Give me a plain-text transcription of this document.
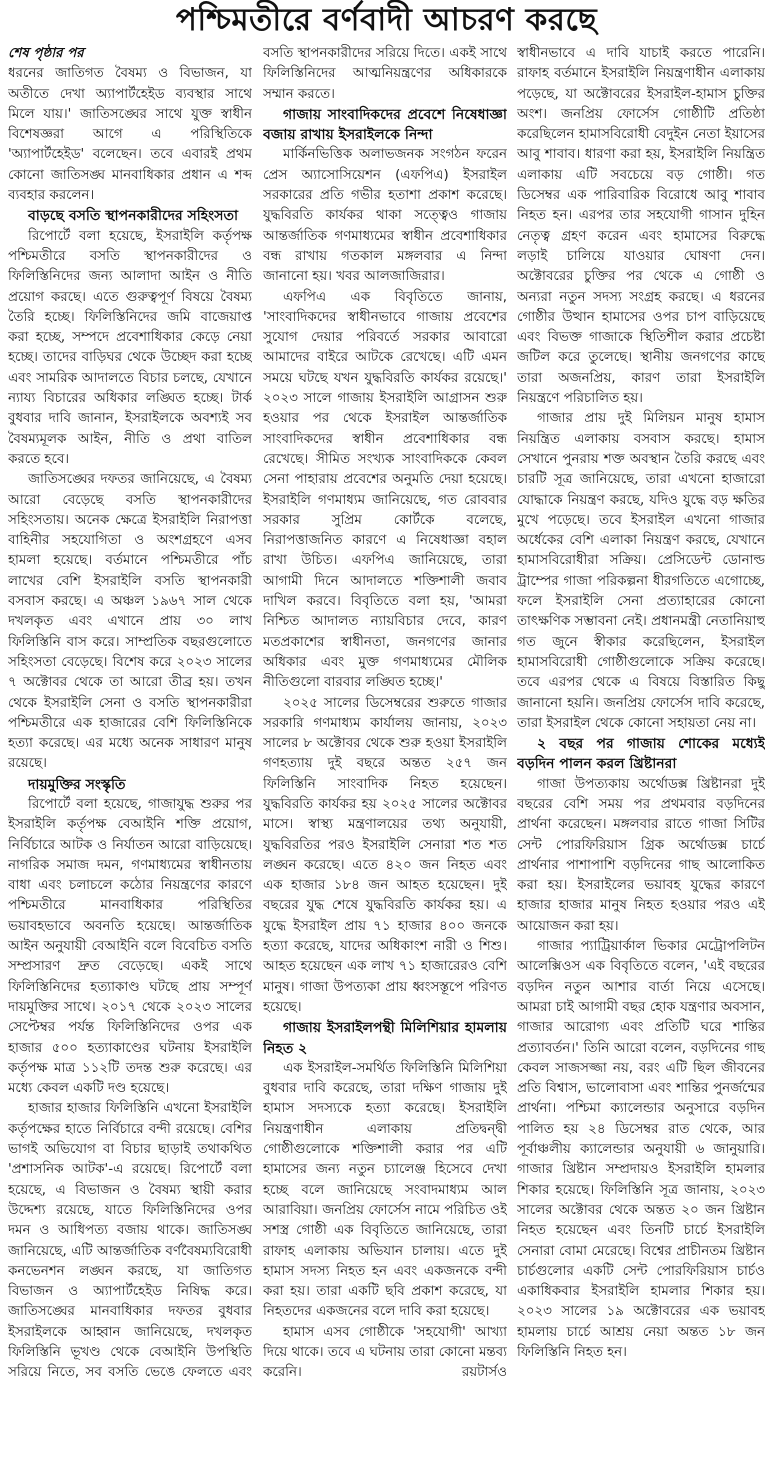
পশ্চিমতীরে বর্ণবাদী আচরণ করছে
শেষ পৃষ্ঠার পর

ধরনের জাতিগত বৈষম্য ও বিভাজন, যা অতীতে দেখা অ্যাপার্টহেইড ব্যবস্থার সাথে মিলে যায়।' জাতিসঙ্ঘের সাথে যুক্ত স্বাধীন বিশেষজ্ঞরা আগে এ পরিস্থিতিকে 'অ্যাপার্টহেইড' বলেছেন। তবে এবারই প্রথম কোনো জাতিসঙ্ঘ মানবাধিকার প্রধান এ শব্দ ব্যবহার করলেন।

বাড়ছে বসতি স্থাপনকারীদের সহিংসতা

রিপোর্টে বলা হয়েছে, ইসরাইলি কর্তৃপক্ষ পশ্চিমতীরে বসতি স্থাপনকারীদের ও ফিলিস্তিনিদের জন্য আলাদা আইন ও নীতি প্রয়োগ করছে। এতে গুরুত্বপূর্ণ বিষয়ে বৈষম্য তৈরি হচ্ছে। ফিলিস্তিনিদের জমি বাজেয়াপ্ত করা হচ্ছে, সম্পদে প্রবেশাধিকার কেড়ে নেয়া হচ্ছে। তাদের বাড়িঘর থেকে উচ্ছেদ করা হচ্ছে এবং সামরিক আদালতে বিচার চলছে, যেখানে ন্যায্য বিচারের অধিকার লঙ্ঘিত হচ্ছে। টার্ক বুধবার দাবি জানান, ইসরাইলকে অবশ্যই সব বৈষম্যমূলক আইন, নীতি ও প্রথা বাতিল করতে হবে।

জাতিসঙ্ঘের দফতর জানিয়েছে, এ বৈষম্য আরো বেড়েছে বসতি স্থাপনকারীদের সহিংসতায়। অনেক ক্ষেত্রে ইসরাইলি নিরাপত্তা বাহিনীর সহযোগিতা ও অংশগ্রহণে এসব হামলা হয়েছে। বর্তমানে পশ্চিমতীরে পাঁচ লাখের বেশি ইসরাইলি বসতি স্থাপনকারী বসবাস করছে। এ অঞ্চল ১৯৬৭ সাল থেকে দখলকৃত এবং এখানে প্রায় ৩০ লাখ ফিলিস্তিনি বাস করে। সাম্প্রতিক বছরগুলোতে সহিংসতা বেড়েছে। বিশেষ করে ২০২৩ সালের ৭ অক্টোবর থেকে তা আরো তীব্র হয়। তখন থেকে ইসরাইলি সেনা ও বসতি স্থাপনকারীরা পশ্চিমতীরে এক হাজারের বেশি ফিলিস্তিনিকে হত্যা করেছে। এর মধ্যে অনেক সাধারণ মানুষ রয়েছে।

দায়মুক্তির সংস্কৃতি

রিপোর্টে বলা হয়েছে, গাজাযুদ্ধ শুরুর পর ইসরাইলি কর্তৃপক্ষ বেআইনি শক্তি প্রয়োগ, নির্বিচারে আটক ও নির্যাতন আরো বাড়িয়েছে। নাগরিক সমাজ দমন, গণমাধ্যমের স্বাধীনতায় বাধা এবং চলাচলে কঠোর নিয়ন্ত্রণের কারণে পশ্চিমতীরে মানবাধিকার পরিস্থিতির ভয়াবহভাবে অবনতি হয়েছে। আন্তর্জাতিক আইন অনুযায়ী বেআইনি বলে বিবেচিত বসতি সম্প্রসারণ দ্রুত বেড়েছে। একই সাথে ফিলিস্তিনিদের হত্যাকাণ্ড ঘটছে প্রায় সম্পূর্ণ দায়মুক্তির সাথে। ২০১৭ থেকে ২০২৩ সালের সেপ্টেম্বর পর্যন্ত ফিলিস্তিনিদের ওপর এক হাজার ৫০০ হত্যাকাণ্ডের ঘটনায় ইসরাইলি কর্তৃপক্ষ মাত্র ১১২টি তদন্ত শুরু করেছে। এর মধ্যে কেবল একটি দণ্ড হয়েছে।

হাজার হাজার ফিলিস্তিনি এখনো ইসরাইলি কর্তৃপক্ষের হাতে নির্বিচারে বন্দী রয়েছে। বেশির ভাগই অভিযোগ বা বিচার ছাড়াই তথাকথিত 'প্রশাসনিক আটক'-এ রয়েছে। রিপোর্টে বলা হয়েছে, এ বিভাজন ও বৈষম্য স্থায়ী করার উদ্দেশ্য রয়েছে, যাতে ফিলিস্তিনিদের ওপর দমন ও আধিপত্য বজায় থাকে। জাতিসঙ্ঘ জানিয়েছে, এটি আন্তর্জাতিক বর্ণবৈষম্যবিরোধী কনভেনশন লঙ্ঘন করছে, যা জাতিগত বিভাজন ও অ্যাপার্টহেইড নিষিদ্ধ করে। জাতিসঙ্ঘের মানবাধিকার দফতর বুধবার ইসরাইলকে আহ্বান জানিয়েছে, দখলকৃত ফিলিস্তিনি ভূখণ্ড থেকে বেআইনি উপস্থিতি সরিয়ে নিতে, সব বসতি ভেঙে ফেলতে এবং

বসতি স্থাপনকারীদের সরিয়ে দিতে। একই সাথে ফিলিস্তিনিদের আত্মনিয়ন্ত্রণের অধিকারকে সম্মান করতে।

গাজায় সাংবাদিকদের প্রবেশে নিষেধাজ্ঞা বজায় রাখায় ইসরাইলকে নিন্দা

মার্কিনভিত্তিক অলাভজনক সংগঠন ফরেন প্রেস অ্যাসোসিয়েশন (এফপিএ) ইসরাইল সরকারের প্রতি গভীর হতাশা প্রকাশ করেছে। যুদ্ধবিরতি কার্যকর থাকা সত্ত্বেও গাজায় আন্তর্জাতিক গণমাধ্যমের স্বাধীন প্রবেশাধিকার বন্ধ রাখায় গতকাল মঙ্গলবার এ নিন্দা জানানো হয়। খবর আলজাজিরার।

এফপিএ এক বিবৃতিতে জানায়, 'সাংবাদিকদের স্বাধীনভাবে গাজায় প্রবেশের সুযোগ দেয়ার পরিবর্তে সরকার আবারো আমাদের বাইরে আটকে রেখেছে। এটি এমন সময়ে ঘটছে যখন যুদ্ধবিরতি কার্যকর রয়েছে।' ২০২৩ সালে গাজায় ইসরাইলি আগ্রাসন শুরু হওয়ার পর থেকে ইসরাইল আন্তর্জাতিক সাংবাদিকদের স্বাধীন প্রবেশাধিকার বন্ধ রেখেছে। সীমিত সংখ্যক সাংবাদিককে কেবল সেনা পাহারায় প্রবেশের অনুমতি দেয়া হয়েছে। ইসরাইলি গণমাধ্যম জানিয়েছে, গত রোববার সরকার সুপ্রিম কোর্টকে বলেছে, নিরাপত্তাজনিত কারণে এ নিষেধাজ্ঞা বহাল রাখা উচিত। এফপিএ জানিয়েছে, তারা আগামী দিনে আদালতে শক্তিশালী জবাব দাখিল করবে। বিবৃতিতে বলা হয়, 'আমরা নিশ্চিত আদালত ন্যায়বিচার দেবে, কারণ মতপ্রকাশের স্বাধীনতা, জনগণের জানার অধিকার এবং মুক্ত গণমাধ্যমের মৌলিক নীতিগুলো বারবার লঙ্ঘিত হচ্ছে।'

২০২৫ সালের ডিসেম্বরের শুরুতে গাজার সরকারি গণমাধ্যম কার্যালয় জানায়, ২০২৩ সালের ৮ অক্টোবর থেকে শুরু হওয়া ইসরাইলি গণহত্যায় দুই বছরে অন্তত ২৫৭ জন ফিলিস্তিনি সাংবাদিক নিহত হয়েছেন। যুদ্ধবিরতি কার্যকর হয় ২০২৫ সালের অক্টোবর মাসে। স্বাস্থ্য মন্ত্রণালয়ের তথ্য অনুযায়ী, যুদ্ধবিরতির পরও ইসরাইলি সেনারা শত শত লঙ্ঘন করেছে। এতে ৪২০ জন নিহত এবং এক হাজার ১৮৪ জন আহত হয়েছেন। দুই বছরের যুদ্ধ শেষে যুদ্ধবিরতি কার্যকর হয়। এ যুদ্ধে ইসরাইল প্রায় ৭১ হাজার ৪০০ জনকে হত্যা করেছে, যাদের অধিকাংশ নারী ও শিশু। আহত হয়েছেন এক লাখ ৭১ হাজারেরও বেশি মানুষ। গাজা উপত্যকা প্রায় ধ্বংসস্তূপে পরিণত হয়েছে।

গাজায় ইসরাইলপন্থী মিলিশিয়ার হামলায় নিহত ২

এক ইসরাইল-সমর্থিত ফিলিস্তিনি মিলিশিয়া বুধবার দাবি করেছে, তারা দক্ষিণ গাজায় দুই হামাস সদস্যকে হত্যা করেছে। ইসরাইলি নিয়ন্ত্রণাধীন এলাকায় প্রতিদ্বন্দ্বী গোষ্ঠীগুলোকে শক্তিশালী করার পর এটি হামাসের জন্য নতুন চ্যালেঞ্জ হিসেবে দেখা হচ্ছে বলে জানিয়েছে সংবাদমাধ্যম আল আরাবিয়া। জনপ্রিয় ফোর্সেস নামে পরিচিত ওই সশস্ত্র গোষ্ঠী এক বিবৃতিতে জানিয়েছে, তারা রাফাহ এলাকায় অভিযান চালায়। এতে দুই হামাস সদস্য নিহত হন এবং একজনকে বন্দী করা হয়। তারা একটি ছবি প্রকাশ করেছে, যা নিহতদের একজনের বলে দাবি করা হয়েছে।

হামাস এসব গোষ্ঠীকে 'সহযোগী' আখ্যা দিয়ে থাকে। তবে এ ঘটনায় তারা কোনো মন্তব্য করেনি। রয়টার্সও

স্বাধীনভাবে এ দাবি যাচাই করতে পারেনি। রাফাহ বর্তমানে ইসরাইলি নিয়ন্ত্রণাধীন এলাকায় পড়েছে, যা অক্টোবরের ইসরাইল-হামাস চুক্তির অংশ। জনপ্রিয় ফোর্সেস গোষ্ঠীটি প্রতিষ্ঠা করেছিলেন হামাসবিরোধী বেদুইন নেতা ইয়াসের আবু শাবাব। ধারণা করা হয়, ইসরাইলি নিয়ন্ত্রিত এলাকায় এটি সবচেয়ে বড় গোষ্ঠী। গত ডিসেম্বর এক পারিবারিক বিরোধে আবু শাবাব নিহত হন। এরপর তার সহযোগী গাসান দুহিন নেতৃত্ব গ্রহণ করেন এবং হামাসের বিরুদ্ধে লড়াই চালিয়ে যাওয়ার ঘোষণা দেন। অক্টোবরের চুক্তির পর থেকে এ গোষ্ঠী ও অন্যরা নতুন সদস্য সংগ্রহ করছে। এ ধরনের গোষ্ঠীর উত্থান হামাসের ওপর চাপ বাড়িয়েছে এবং বিভক্ত গাজাকে স্থিতিশীল করার প্রচেষ্টা জটিল করে তুলেছে। স্থানীয় জনগণের কাছে তারা অজনপ্রিয়, কারণ তারা ইসরাইলি নিয়ন্ত্রণে পরিচালিত হয়।

গাজার প্রায় দুই মিলিয়ন মানুষ হামাস নিয়ন্ত্রিত এলাকায় বসবাস করছে। হামাস সেখানে পুনরায় শক্ত অবস্থান তৈরি করছে এবং চারটি সূত্র জানিয়েছে, তারা এখনো হাজারো যোদ্ধাকে নিয়ন্ত্রণ করছে, যদিও যুদ্ধে বড় ক্ষতির মুখে পড়েছে। তবে ইসরাইল এখনো গাজার অর্ধেকের বেশি এলাকা নিয়ন্ত্রণ করছে, যেখানে হামাসবিরোধীরা সক্রিয়। প্রেসিডেন্ট ডোনাল্ড ট্রাম্পের গাজা পরিকল্পনা ধীরগতিতে এগোচ্ছে, ফলে ইসরাইলি সেনা প্রত্যাহারের কোনো তাৎক্ষণিক সম্ভাবনা নেই। প্রধানমন্ত্রী নেতানিয়াহু গত জুনে স্বীকার করেছিলেন, ইসরাইল হামাসবিরোধী গোষ্ঠীগুলোকে সক্রিয় করেছে। তবে এরপর থেকে এ বিষয়ে বিস্তারিত কিছু জানানো হয়নি। জনপ্রিয় ফোর্সেস দাবি করেছে, তারা ইসরাইল থেকে কোনো সহায়তা নেয় না।

২ বছর পর গাজায় শোকের মধ্যেই বড়দিন পালন করল খ্রিষ্টানরা

গাজা উপত্যকায় অর্থোডক্স খ্রিষ্টানরা দুই বছরের বেশি সময় পর প্রথমবার বড়দিনের প্রার্থনা করেছেন। মঙ্গলবার রাতে গাজা সিটির সেন্ট পোরফিরিয়াস গ্রিক অর্থোডক্স চার্চে প্রার্থনার পাশাপাশি বড়দিনের গাছ আলোকিত করা হয়। ইসরাইলের ভয়াবহ যুদ্ধের কারণে হাজার হাজার মানুষ নিহত হওয়ার পরও এই আয়োজন করা হয়।

গাজার প্যাট্রিয়ার্কাল ভিকার মেট্রোপলিটন আলেক্সিওস এক বিবৃতিতে বলেন, 'এই বছরের বড়দিন নতুন আশার বার্তা নিয়ে এসেছে। আমরা চাই আগামী বছর হোক যন্ত্রণার অবসান, গাজার আরোগ্য এবং প্রতিটি ঘরে শান্তির প্রত্যাবর্তন।' তিনি আরো বলেন, বড়দিনের গাছ কেবল সাজসজ্জা নয়, বরং এটি ছিল জীবনের প্রতি বিশ্বাস, ভালোবাসা এবং শান্তির পুনর্জন্মের প্রার্থনা। পশ্চিমা ক্যালেন্ডার অনুসারে বড়দিন পালিত হয় ২৪ ডিসেম্বর রাত থেকে, আর পূর্বাঞ্চলীয় ক্যালেন্ডার অনুযায়ী ৬ জানুয়ারি। গাজার খ্রিষ্টান সম্প্রদায়ও ইসরাইলি হামলার শিকার হয়েছে। ফিলিস্তিনি সূত্র জানায়, ২০২৩ সালের অক্টোবর থেকে অন্তত ২০ জন খ্রিষ্টান নিহত হয়েছেন এবং তিনটি চার্চে ইসরাইলি সেনারা বোমা মেরেছে। বিশ্বের প্রাচীনতম খ্রিষ্টান চার্চগুলোর একটি সেন্ট পোরফিরিয়াস চার্চও একাধিকবার ইসরাইলি হামলার শিকার হয়। ২০২৩ সালের ১৯ অক্টোবরের এক ভয়াবহ হামলায় চার্চে আশ্রয় নেয়া অন্তত ১৮ জন ফিলিস্তিনি নিহত হন।
